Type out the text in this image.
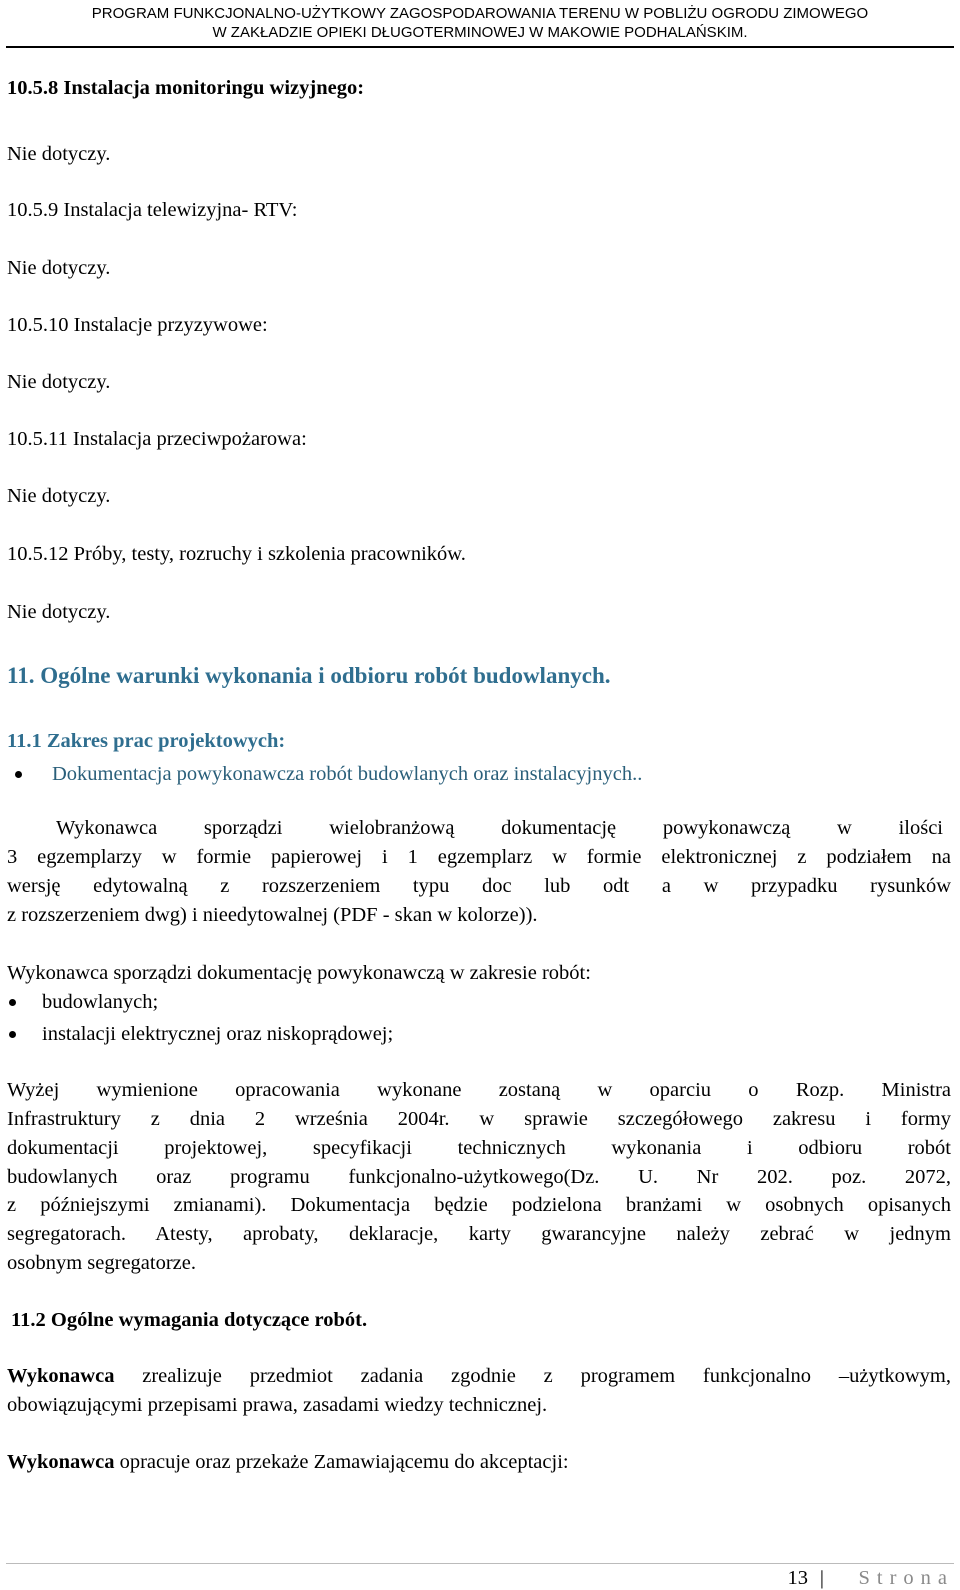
PROGRAM FUNKCJONALNO-UŻYTKOWY ZAGOSPODAROWANIA TERENU W POBLIŻU OGRODU ZIMOWEGO
W ZAKŁADZIE OPIEKI DŁUGOTERMINOWEJ W MAKOWIE PODHALAŃSKIM.
10.5.8 Instalacja monitoringu wizyjnego:
Nie dotyczy.
10.5.9 Instalacja telewizyjna- RTV:
Nie dotyczy.
10.5.10 Instalacje przyzywowe:
Nie dotyczy.
10.5.11 Instalacja przeciwpożarowa:
Nie dotyczy.
10.5.12 Próby, testy, rozruchy i szkolenia pracowników.
Nie dotyczy.
11. Ogólne warunki wykonania i odbioru robót budowlanych.
11.1 Zakres prac projektowych:
Dokumentacja powykonawcza robót budowlanych oraz instalacyjnych..
Wykonawca sporządzi wielobranżową dokumentację powykonawczą w ilości
3 egzemplarzy w formie papierowej i 1 egzemplarz w formie elektronicznej z podziałem na
wersję edytowalną z rozszerzeniem typu doc lub odt a w przypadku rysunków
z rozszerzeniem dwg) i nieedytowalnej (PDF - skan w kolorze)).
Wykonawca sporządzi dokumentację powykonawczą w zakresie robót:
budowlanych;
instalacji elektrycznej oraz niskoprądowej;
Wyżej wymienione opracowania wykonane zostaną w oparciu o Rozp. Ministra
Infrastruktury z dnia 2 września 2004r. w sprawie szczegółowego zakresu i formy
dokumentacji projektowej, specyfikacji technicznych wykonania i odbioru robót
budowlanych oraz programu funkcjonalno-użytkowego(Dz. U. Nr 202. poz. 2072,
z późniejszymi zmianami). Dokumentacja będzie podzielona branżami w osobnych opisanych
segregatorach. Atesty, aprobaty, deklaracje, karty gwarancyjne należy zebrać w jednym
osobnym segregatorze.
11.2 Ogólne wymagania dotyczące robót.
Wykonawca zrealizuje przedmiot zadania zgodnie z programem funkcjonalno –użytkowym,
obowiązującymi przepisami prawa, zasadami wiedzy technicznej.
Wykonawca opracuje oraz przekaże Zamawiającemu do akceptacji:
13 | Strona
